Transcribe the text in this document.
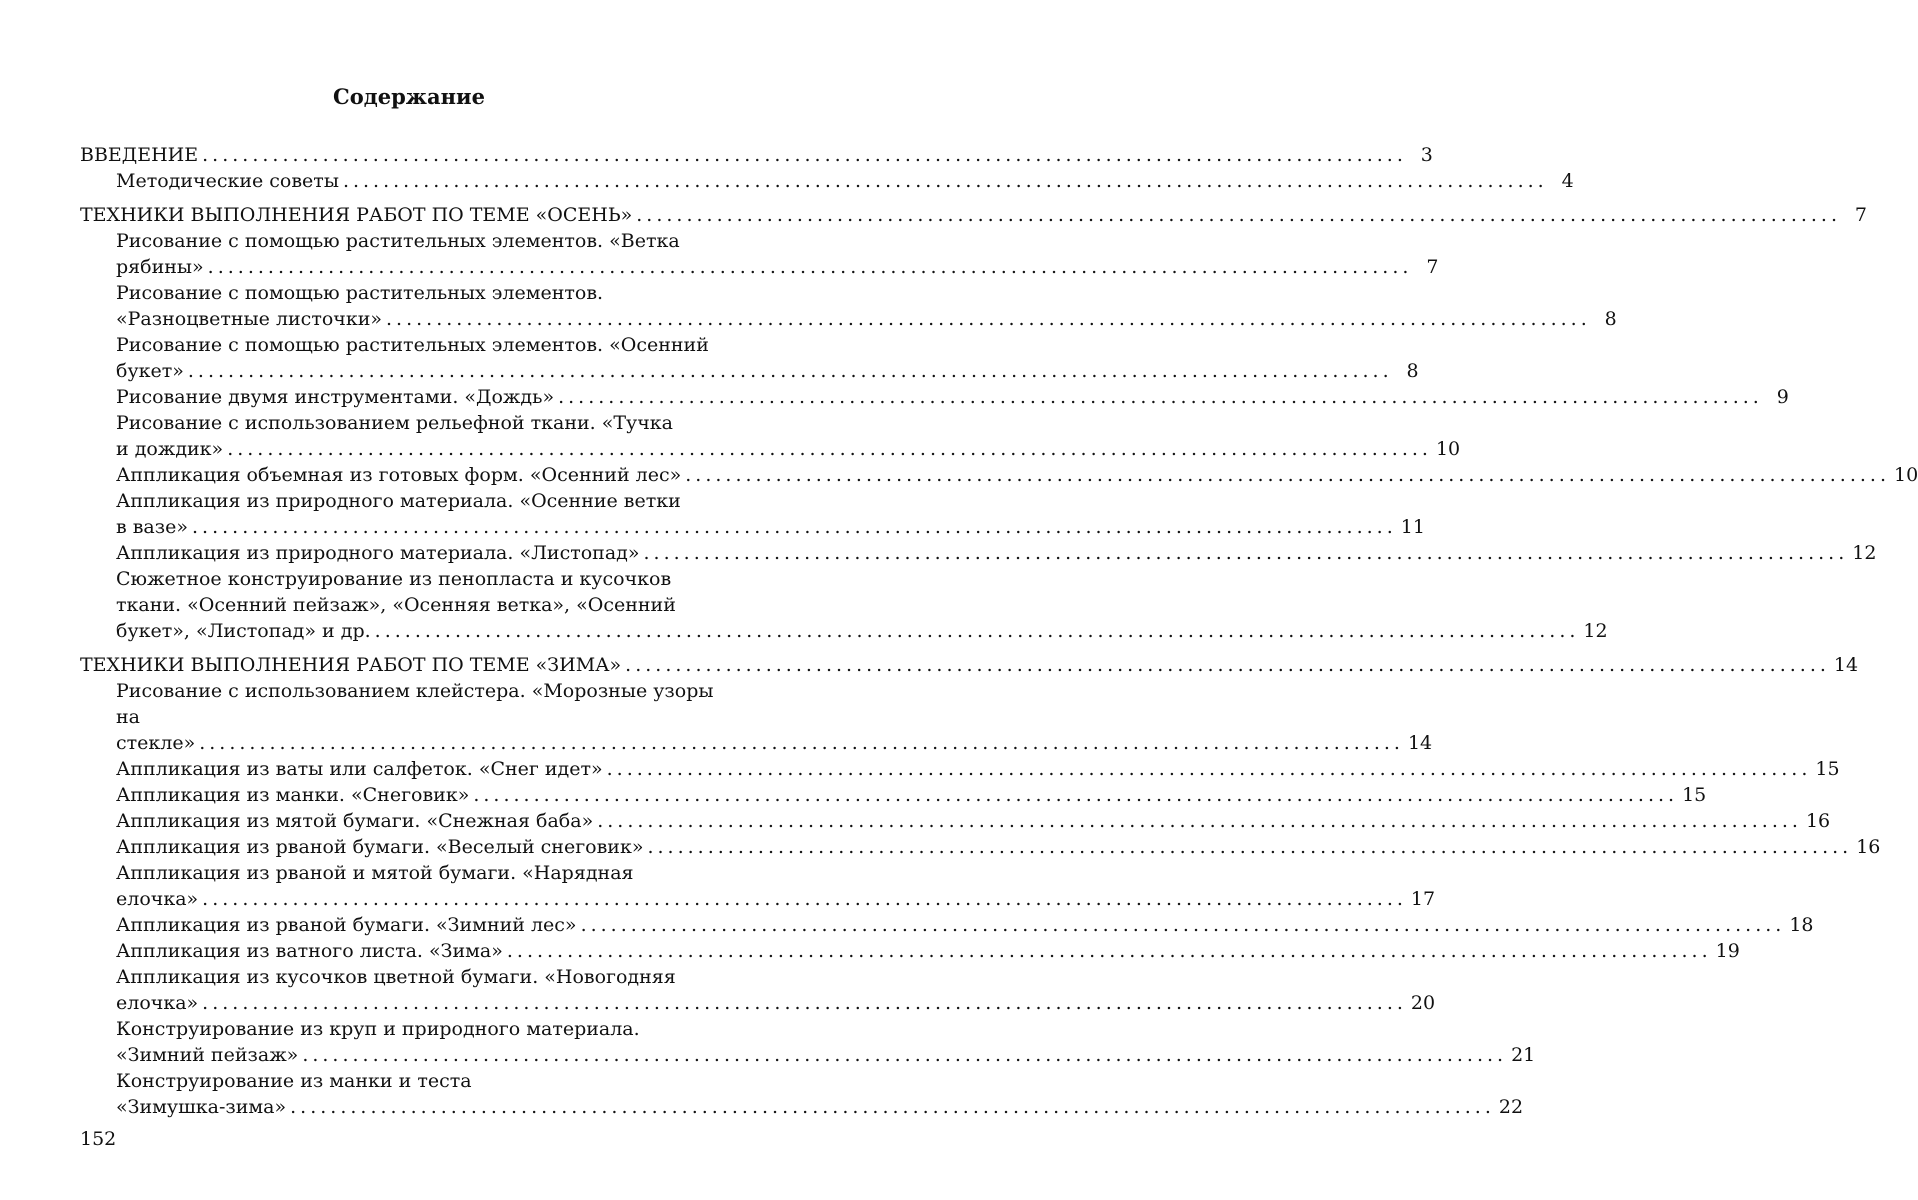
Содержание
ВВЕДЕНИЕ ........................................................................................................................ 3
Методические советы ........................................................................................................................ 4
ТЕХНИКИ ВЫПОЛНЕНИЯ РАБОТ ПО ТЕМЕ «ОСЕНЬ» ........................................................................................................................ 7
Рисование с помощью растительных элементов. «Ветка
рябины» ........................................................................................................................ 7
Рисование с помощью растительных элементов.
«Разноцветные листочки» ........................................................................................................................ 8
Рисование с помощью растительных элементов. «Осенний
букет» ........................................................................................................................ 8
Рисование двумя инструментами. «Дождь» ........................................................................................................................ 9
Рисование с использованием рельефной ткани. «Тучка
и дождик» ........................................................................................................................ 10
Аппликация объемная из готовых форм. «Осенний лес» ........................................................................................................................ 10
Аппликация из природного материала. «Осенние ветки
в вазе» ........................................................................................................................ 11
Аппликация из природного материала. «Листопад» ........................................................................................................................ 12
Сюжетное конструирование из пенопласта и кусочков
ткани. «Осенний пейзаж», «Осенняя ветка», «Осенний
букет», «Листопад» и др. ........................................................................................................................ 12
ТЕХНИКИ ВЫПОЛНЕНИЯ РАБОТ ПО ТЕМЕ «ЗИМА» ........................................................................................................................ 14
Рисование с использованием клейстера. «Морозные узоры на
стекле» ........................................................................................................................ 14
Аппликация из ваты или салфеток. «Снег идет» ........................................................................................................................ 15
Аппликация из манки. «Снеговик» ........................................................................................................................ 15
Аппликация из мятой бумаги. «Снежная баба» ........................................................................................................................ 16
Аппликация из рваной бумаги. «Веселый снеговик» ........................................................................................................................ 16
Аппликация из рваной и мятой бумаги. «Нарядная
елочка» ........................................................................................................................ 17
Аппликация из рваной бумаги. «Зимний лес» ........................................................................................................................ 18
Аппликация из ватного листа. «Зима» ........................................................................................................................ 19
Аппликация из кусочков цветной бумаги. «Новогодняя
елочка» ........................................................................................................................ 20
Конструирование из круп и природного материала.
«Зимний пейзаж» ........................................................................................................................ 21
Конструирование из манки и теста
«Зимушка-зима» ........................................................................................................................ 22

152
